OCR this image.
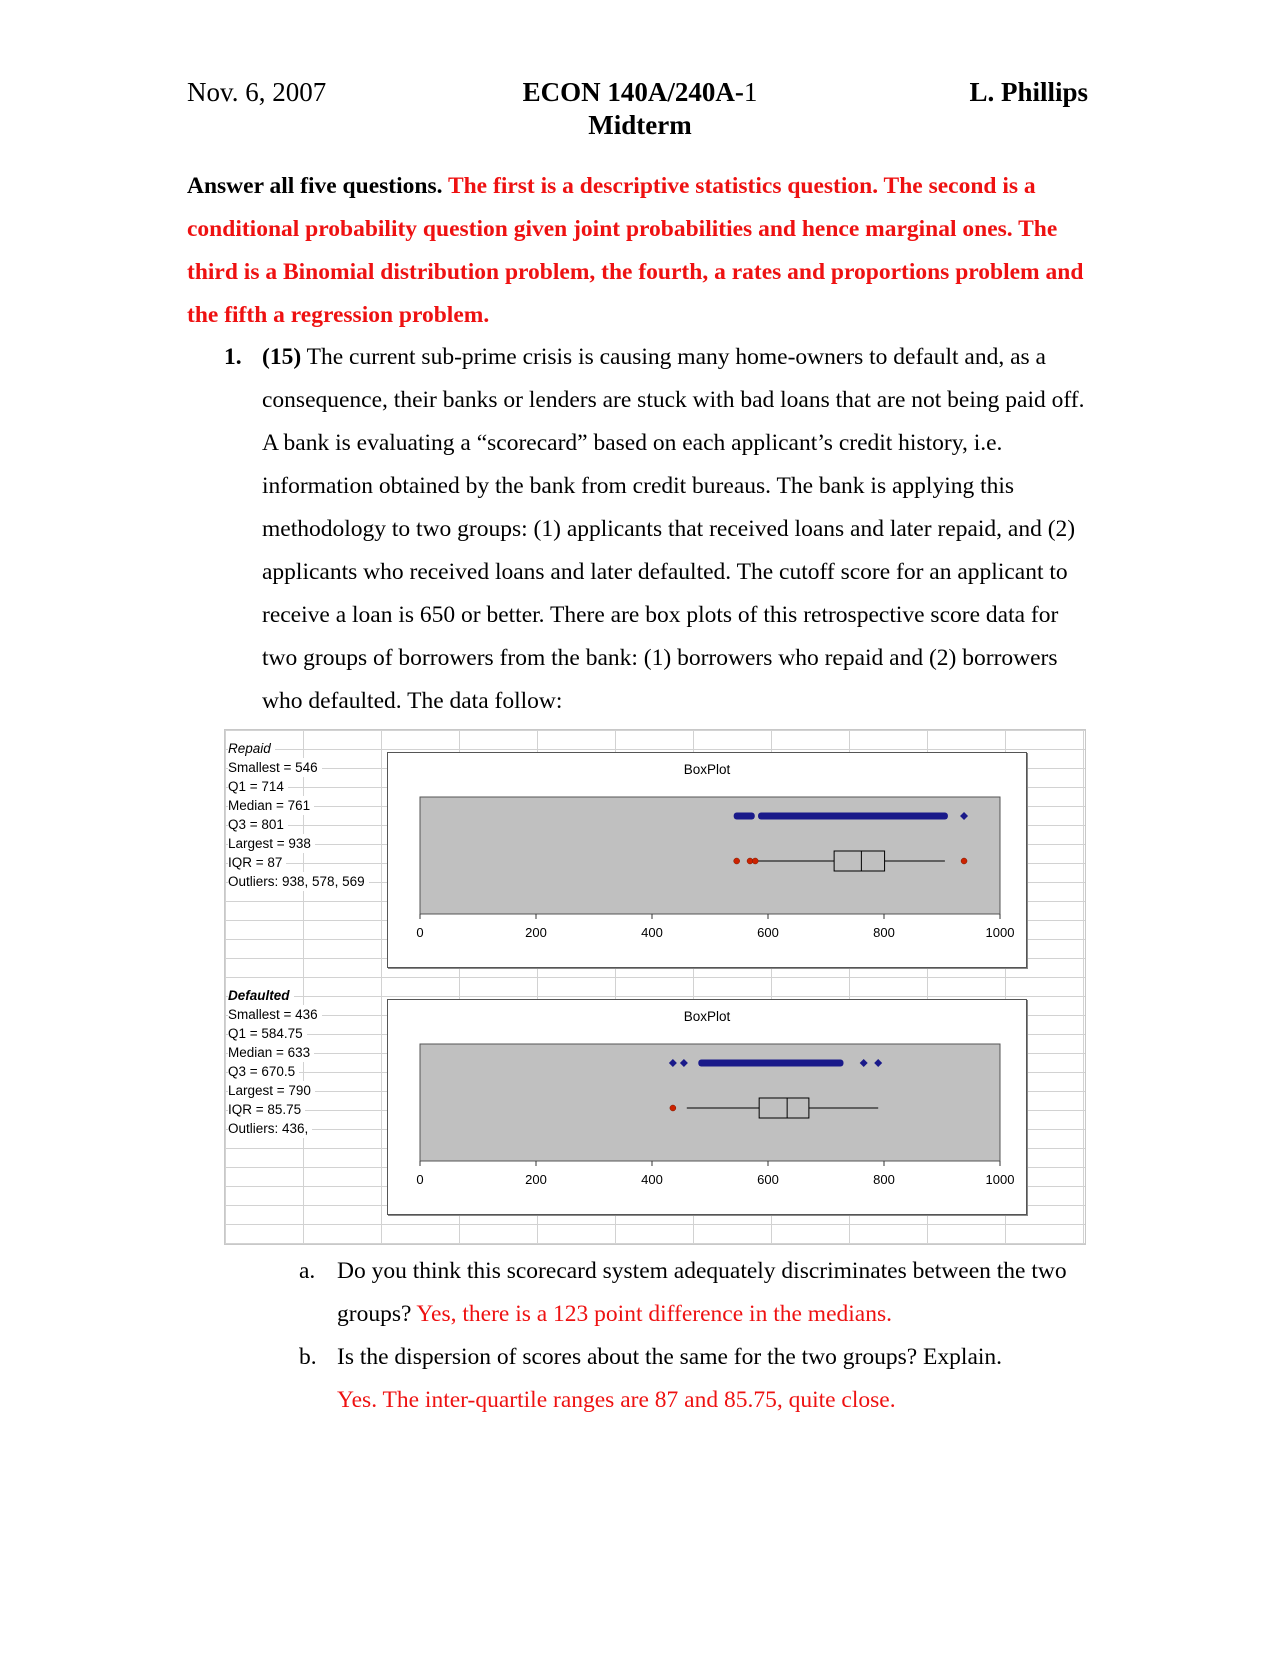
Nov. 6, 2007	ECON 140A/240A-1
Midterm
L. Phillips
Answer all five questions. The first is a descriptive statistics question. The second is a conditional probability question given joint probabilities and hence marginal ones. The third is a Binomial distribution problem, the fourth, a rates and proportions problem and the fifth a regression problem.
1. (15) The current sub-prime crisis is causing many home-owners to default and, as a consequence, their banks or lenders are stuck with bad loans that are not being paid off. A bank is evaluating a “scorecard” based on each applicant’s credit history, i.e. information obtained by the bank from credit bureaus. The bank is applying this methodology to two groups: (1) applicants that received loans and later repaid, and (2) applicants who received loans and later defaulted. The cutoff score for an applicant to receive a loan is 650 or better. There are box plots of this retrospective score data for two groups of borrowers from the bank: (1) borrowers who repaid and (2) borrowers who defaulted. The data follow:
Repaid
Smallest = 546
Q1 = 714
Median = 761
Q3 = 801
Largest = 938
IQR = 87
Outliers: 938, 578, 569
Defaulted
Smallest = 436
Q1 = 584.75
Median = 633
Q3 = 670.5
Largest = 790
IQR = 85.75
Outliers: 436,
BoxPlot
0	200	400	600	800	1000
BoxPlot
0	200	400	600	800	1000
a. Do you think this scorecard system adequately discriminates between the two groups? Yes, there is a 123 point difference in the medians.
b. Is the dispersion of scores about the same for the two groups? Explain.
Yes. The inter-quartile ranges are 87 and 85.75, quite close.
